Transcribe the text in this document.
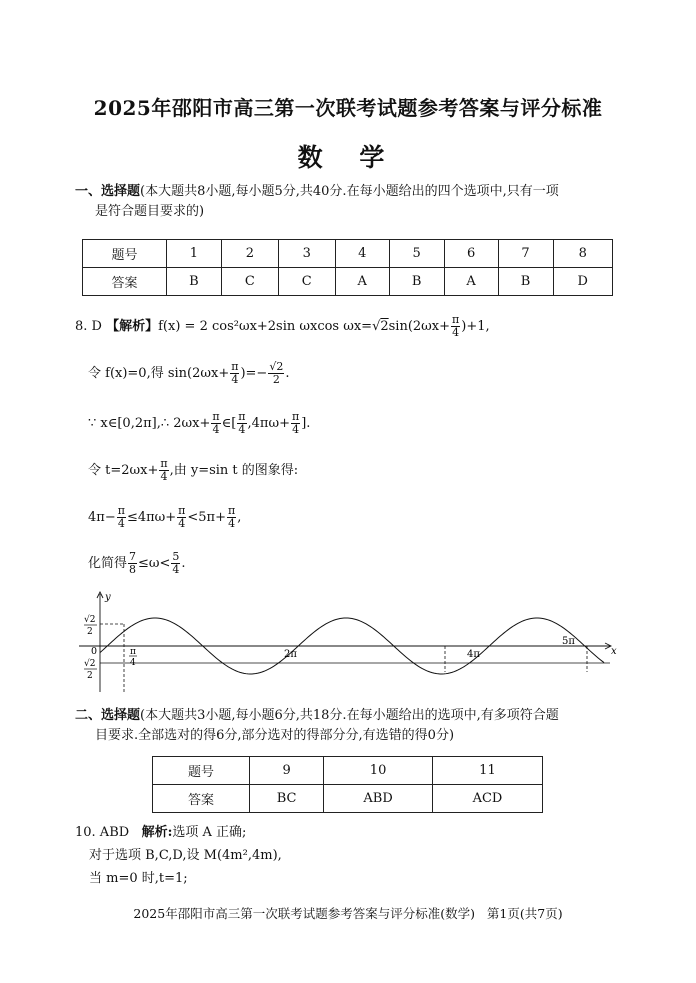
2025年邵阳市高三第一次联考试题参考答案与评分标准
数 学
一、选择题(本大题共8小题,每小题5分,共40分.在每小题给出的四个选项中,只有一项
是符合题目要求的)
题号	1	2	3	4	5	6	7	8
答案	B	C	C	A	B	A	B	D
8. D 【解析】f(x) = 2 cos²ωx+2sin ωxcos $\omega x=√2\sin(2\omega x+ \frac{\pi}{4} )+1$,
令 f(x)=0,得 $\sin(2\omega x+ \frac{\pi}{4}$ )=− $\frac{√2}{2}$ .
∵ x∈[0,2π],∴ $2\omega x+ \frac{\pi}{4}$ ∈[ $\frac{\pi}{4} ,4\pi\omega+ \frac{\pi}{4}$ ].
令 $t=2\omega x+ \frac{\pi}{4}$ ,由 y=sin t 的图象得:
$4\pi- \frac{\pi}{4} \le 4\pi\omega+ \frac{\pi}{4} <5\pi+ \frac{\pi}{4}$ ,
化简得 $\frac{7}{8} \le\omega< \frac{5}{4}$ .
y
x
0
√2
2
√2
2
π
4
2π	4π
5π
二、选择题(本大题共3小题,每小题6分,共18分.在每小题给出的选项中,有多项符合题
目要求.全部选对的得6分,部分选对的得部分分,有选错的得0分)
题号	9	10	11
答案	BC	ABD	ACD
10. ABD 解析:选项 A 正确;
对于选项 B,C,D,设 M(4m²,4m),
当 m=0 时,t=1;
2025年邵阳市高三第一次联考试题参考答案与评分标准(数学) 第1页(共7页)
